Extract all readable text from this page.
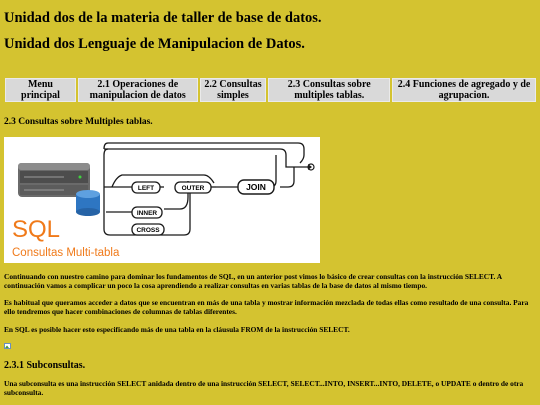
Unidad dos de la materia de taller de base de datos.
Unidad dos Lenguaje de Manipulacion de Datos.
Menu principal	2.1 Operaciones de manipulacion de datos	2.2 Consultas simples	2.3 Consultas sobre multiples tablas.	2.4 Funciones de agregado y de agrupacion.
2.3 Consultas sobre Multiples tablas.
LEFT	OUTER	JOIN
INNER
CROSS
SQL
Consultas Multi-tabla
Continuando con nuestro camino para dominar los fundamentos de SQL, en un anterior post vimos lo básico de crear consultas con la instrucción SELECT. A continuación vamos a complicar un poco la cosa aprendiendo a realizar consultas en varias tablas de la base de datos al mismo tiempo.
Es habitual que queramos acceder a datos que se encuentran en más de una tabla y mostrar información mezclada de todas ellas como resultado de una consulta. Para ello tendremos que hacer combinaciones de columnas de tablas diferentes.
En SQL es posible hacer esto especificando más de una tabla en la cláusula FROM de la instrucción SELECT.
2.3.1 Subconsultas.
Una subconsulta es una instrucción SELECT anidada dentro de una instrucción SELECT, SELECT...INTO, INSERT...INTO, DELETE, o UPDATE o dentro de otra subconsulta.
